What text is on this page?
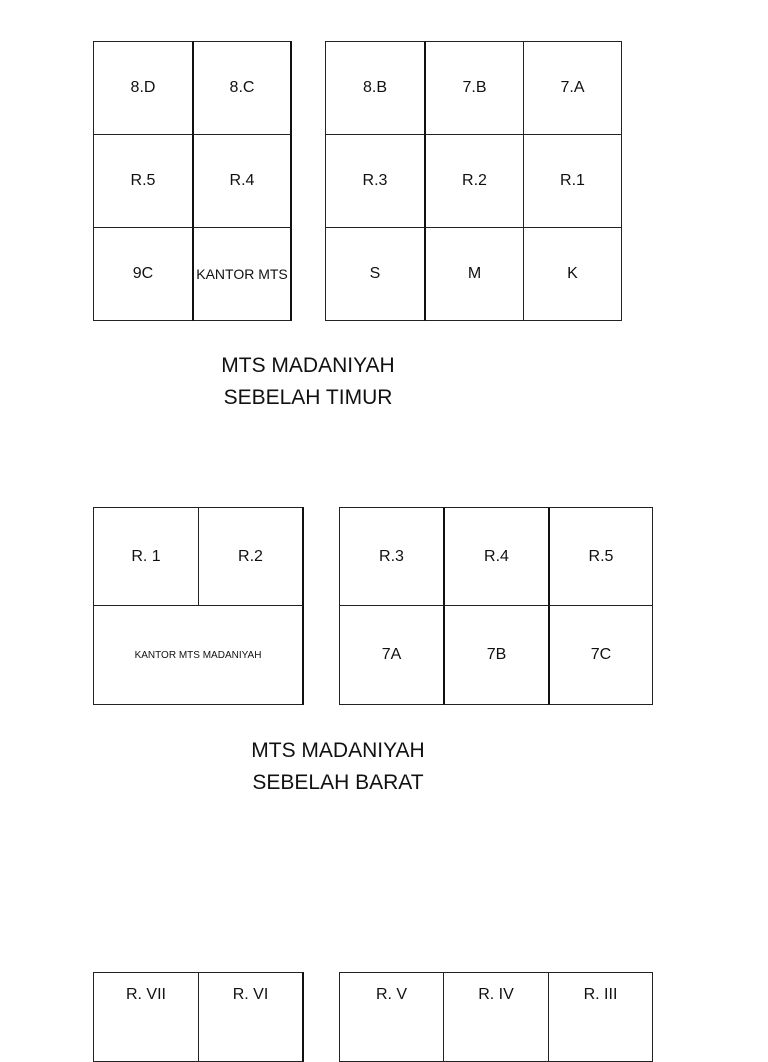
8.D	8.C
R.5	R.4
9C	KANTOR MTS
8.B	7.B	7.A
R.3	R.2	R.1
S	M	K
MTS MADANIYAH
SEBELAH TIMUR
R. 1	R.2
KANTOR MTS MADANIYAH
R.3	R.4	R.5
7A	7B	7C
MTS MADANIYAH
SEBELAH BARAT
R. VII	R. VI	R. V	R. IV	R. III
